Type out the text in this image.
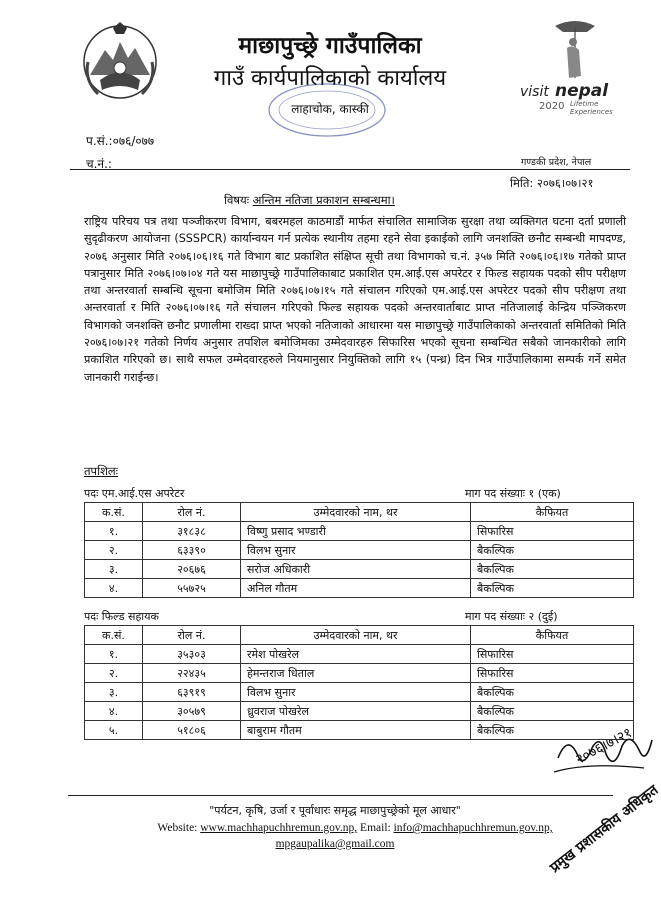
माछापुच्छ्रे गाउँपालिका
गाउँ कार्यपालिकाको कार्यालय
लाहाचोक, कास्की
visit nepal
2020 Lifetime
Experiences
प.सं.:०७६/०७७
च.नं.:	गण्डकी प्रदेश, नेपाल
मिति: २०७६।०७।२१
विषयः अन्तिम नतिजा प्रकाशन सम्बन्धमा।
राष्ट्रिय परिचय पत्र तथा पञ्जीकरण विभाग, बबरमहल काठमाडौं मार्फत संचालित सामाजिक सुरक्षा तथा व्यक्तिगत घटना दर्ता प्रणाली सुदृढीकरण आयोजना (SSSPCR) कार्यान्वयन गर्न प्रत्येक स्थानीय तहमा रहने सेवा इकाईको लागि जनशक्ति छनौट सम्बन्धी मापदण्ड, २०७६ अनुसार मिति २०७६।०६।१६ गते विभाग बाट प्रकाशित संक्षिप्त सूची तथा विभागको च.नं. ३५७ मिति २०७६।०६।१७ गतेको प्राप्त पत्रानुसार मिति २०७६।०७।०४ गते यस माछापुच्छ्रे गाउँपालिकाबाट प्रकाशित एम.आई.एस अपरेटर र फिल्ड सहायक पदको सीप परीक्षण तथा अन्तरवार्ता सम्बन्धि सूचना बमोजिम मिति २०७६।०७।१५ गते संचालन गरिएको एम.आई.एस अपरेटर पदको सीप परीक्षण तथा अन्तरवार्ता र मिति २०७६।०७।१६ गते संचालन गरिएको फिल्ड सहायक पदको अन्तरवार्ताबाट प्राप्त नतिजालाई केन्द्रिय पञ्जिकरण विभागको जनशक्ति छनौट प्रणालीमा राख्दा प्राप्त भएको नतिजाको आधारमा यस माछापुच्छ्रे गाउँपालिकाको अन्तरवार्ता समितिको मिति २०७६।०७।२१ गतेको निर्णय अनुसार तपशिल बमोजिमका उम्मेदवारहरु सिफारिस भएको सूचना सम्बन्धित सबैको जानकारीको लागि प्रकाशित गरिएको छ। साथै सफल उम्मेदवारहरुले नियमानुसार नियुक्तिको लागि १५ (पन्ध्र) दिन भित्र गाउँपालिकामा सम्पर्क गर्ने समेत जानकारी गराईन्छ।
तपशिलः
पदः एम.आई.एस अपरेटर	माग पद संख्याः १ (एक)
क.सं.	रोल नं.	उम्मेदवारको नाम, थर	कैफियत
१.	३१८३८	विष्णु प्रसाद भण्डारी	सिफारिस
२.	६३३९०	विलभ सुनार	बैकल्पिक
३.	२०६७६	सरोज अधिकारी	बैकल्पिक
४.	५५७२५	अनिल गौतम	बैकल्पिक
पदः फिल्ड सहायक	माग पद संख्याः २ (दुई)
क.सं.	रोल नं.	उम्मेदवारको नाम, थर	कैफियत
१.	३५३०३	रमेश पोखरेल	सिफारिस
२.	२२४३५	हेमन्तराज धिताल	सिफारिस
३.	६३९१९	विलभ सुनार	बैकल्पिक
४.	३०५७९	ध्रुवराज पोखरेल	बैकल्पिक
५.	५१८०६	बाबुराम गौतम	बैकल्पिक	२०७६।७।२१
प्रमुख प्रशासकीय अधिकृत
"पर्यटन, कृषि, उर्जा र पूर्वाधारः समृद्ध माछापुच्छ्रेको मूल आधार"
Website: www.machhapuchhremun.gov.np, Email: info@machhapuchhremun.gov.np,
mpgaupalika@gmail.com
